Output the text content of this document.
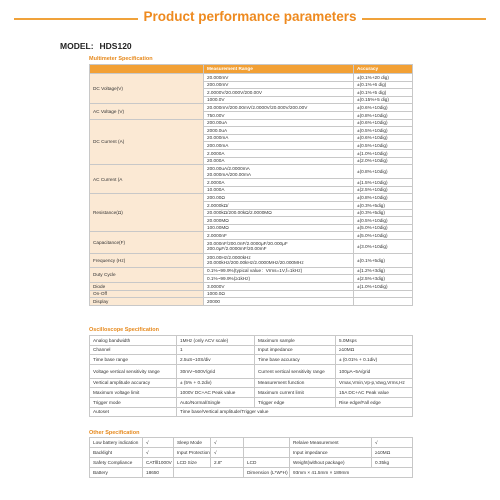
Product performance parameters
MODEL: HDS120
Multimeter Specification
	Measurement Range	Accuracy
DC Voltage(V)	20.000mV	±(0.1%+20 dig)
	200.00mV	±(0.1%+6 dig)
	2.0000V/20.000V/200.00V	±(0.1%+5 dig)
	1000.0V	±(0.15%+5 dig)
AC Voltage (V)	20.000mV/200.00mV/2.0000V/20.000V/200.00V	±(0.6%+10dig)
	750.00V	±(0.8%+10dig)
DC Current (A)	200.00uA	±(0.6%+10dig)
	2000.0uA	±(0.5%+10dig)
	20.000mA	±(0.6%+10dig)
	200.00mA	±(0.5%+10dig)
	2.0000A	±(1.0%+10dig)
	20.000A	±(2.0%+10dig)
AC Current (A	200.00uA/2.0000mA
20.000mA/200.00mA	±(0.8%+10dig)
	2.0000A	±(1.5%+10dig)
	10.000A	±(2.5%+10dig)
Resistance(Ω)	200.00Ω	±(0.8%+10dig)
	2.0000kΩ/	±(0.3%+5dig)
	20.000kΩ/200.00kΩ/2.0000MΩ	±(0.3%+5dig)
	20.000MΩ	±(0.5%+10dig)
	100.00MΩ	±(5.0%+10dig)
Capacitance(F)	2.0000nF	±(5.0%+10dig)
	20.000nF/200.0nF/2.0000μF/20.000μF
200.0μF/2.0000mF/20.00mF	±(3.0%+10dig)
Frequency (Hz)	200.00Hz/2.0000kHz
20.000kHz/200.00kHz/2.0000MHz/20.000MHz	±(0.1%+5dig)
Duty Cycle	0.1%~99.9%(typical value：Vrms=1V,f=1kHz)	±(1.2%+3dig)
	0.1%~99.9%(≥1kHz)	±(2.5%+3dig)
Diode	3.0000V	±(1.0%+10dig)
On-Off	1000.0Ω	
Display	20000	
Oscilloscope Specification
Analog bandwidth	1MHz (only ACV scale)	Maximum sample	5.0Msps
Channel	1	Input impedance	≥10MΩ
Time base range	2.5uS~10S/div	Time base accuracy	± (0.01% + 0.1div)
Voltage vertical sensitivity range	30mV~500V/grid	Current vertical sensitivity range	100μA~5A/grid
Vertical amplitude accuracy	± (5% + 0.2div)	Measurement function	Vmax,Vmin,Vp-p,Vavg,Vrms,Hz
Maximum voltage limit	1000V DC+AC Peak value	Maximum current limit	15A DC+AC Peak value
Trigger mode	Auto/Normal/Single	Trigger edge	Rise edge/Fall edge
Autoset	Time base/Vertical amplitude/Trigger value		
Other Specification
Low battery indication	√	Sleep Mode	√		Relaive Measurement	√
Backlight	√	Input Protection	√		Input impedance	≥10MΩ
Safety Compliance	CATⅢ1000V	LCD Size	2.8"	LCD	Weight(without package)	0.35kg
Battery	18650			Dimension (L*W*H)	93mm × 41.5mm × 189mm	
